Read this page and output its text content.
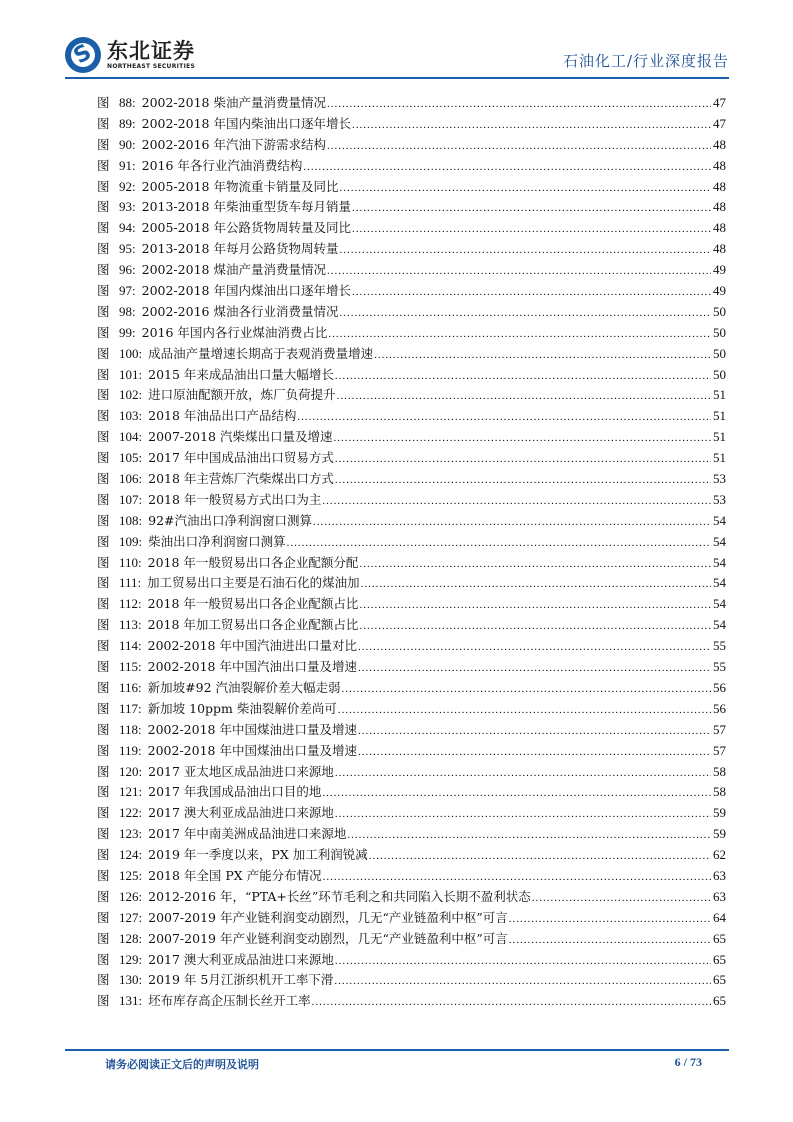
S
东北证券
NORTHEAST SECURITIES	石油化工/行业深度报告
图 88: 2002-2018 柴油产量消费量情况 .....	47
图 89: 2002-2018 年国内柴油出口逐年增长 .....	47
图 90: 2002-2016 年汽油下游需求结构 .....	48
图 91: 2016 年各行业汽油消费结构 .....	48
图 92: 2005-2018 年物流重卡销量及同比 .....	48
图 93: 2013-2018 年柴油重型货车每月销量 .....	48
图 94: 2005-2018 年公路货物周转量及同比 .....	48
图 95: 2013-2018 年每月公路货物周转量 .....	48
图 96: 2002-2018 煤油产量消费量情况 .....	49
图 97: 2002-2018 年国内煤油出口逐年增长 .....	49
图 98: 2002-2016 煤油各行业消费量情况 .....	50
图 99: 2016 年国内各行业煤油消费占比 .....	50
图 100: 成品油产量增速长期高于表观消费量增速 .....	50
图 101: 2015 年来成品油出口量大幅增长 .....	50
图 102: 进口原油配额开放，炼厂负荷提升 .....	51
图 103: 2018 年油品出口产品结构 .....	51
图 104: 2007-2018 汽柴煤出口量及增速 .....	51
图 105: 2017 年中国成品油出口贸易方式 .....	51
图 106: 2018 年主营炼厂汽柴煤出口方式 .....	53
图 107: 2018 年一般贸易方式出口为主 .....	53
图 108: 92#汽油出口净利润窗口测算 .....	54
图 109: 柴油出口净利润窗口测算 .....	54
图 110: 2018 年一般贸易出口各企业配额分配 .....	54
图 111: 加工贸易出口主要是石油石化的煤油加 .....	54
图 112: 2018 年一般贸易出口各企业配额占比 .....	54
图 113: 2018 年加工贸易出口各企业配额占比 .....	54
图 114: 2002-2018 年中国汽油进出口量对比 .....	55
图 115: 2002-2018 年中国汽油出口量及增速 .....	55
图 116: 新加坡#92 汽油裂解价差大幅走弱 .....	56
图 117: 新加坡 10ppm 柴油裂解价差尚可 .....	56
图 118: 2002-2018 年中国煤油进口量及增速 .....	57
图 119: 2002-2018 年中国煤油出口量及增速 .....	57
图 120: 2017 亚太地区成品油进口来源地 .....	58
图 121: 2017 年我国成品油出口目的地 .....	58
图 122: 2017 澳大利亚成品油进口来源地 .....	59
图 123: 2017 年中南美洲成品油进口来源地 .....	59
图 124: 2019 年一季度以来，PX 加工利润锐减 .....	62
图 125: 2018 年全国 PX 产能分布情况 .....	63
图 126: 2012-2016 年，“PTA+长丝”环节毛利之和共同陷入长期不盈利状态 .....	63
图 127: 2007-2019 年产业链利润变动剧烈，几无“产业链盈利中枢”可言 .....	64
图 128: 2007-2019 年产业链利润变动剧烈，几无“产业链盈利中枢”可言 .....	65
图 129: 2017 澳大利亚成品油进口来源地 .....	65
图 130: 2019 年 5月江浙织机开工率下滑 .....	65
图 131: 坯布库存高企压制长丝开工率 .....	65
请务必阅读正文后的声明及说明	6 / 73
